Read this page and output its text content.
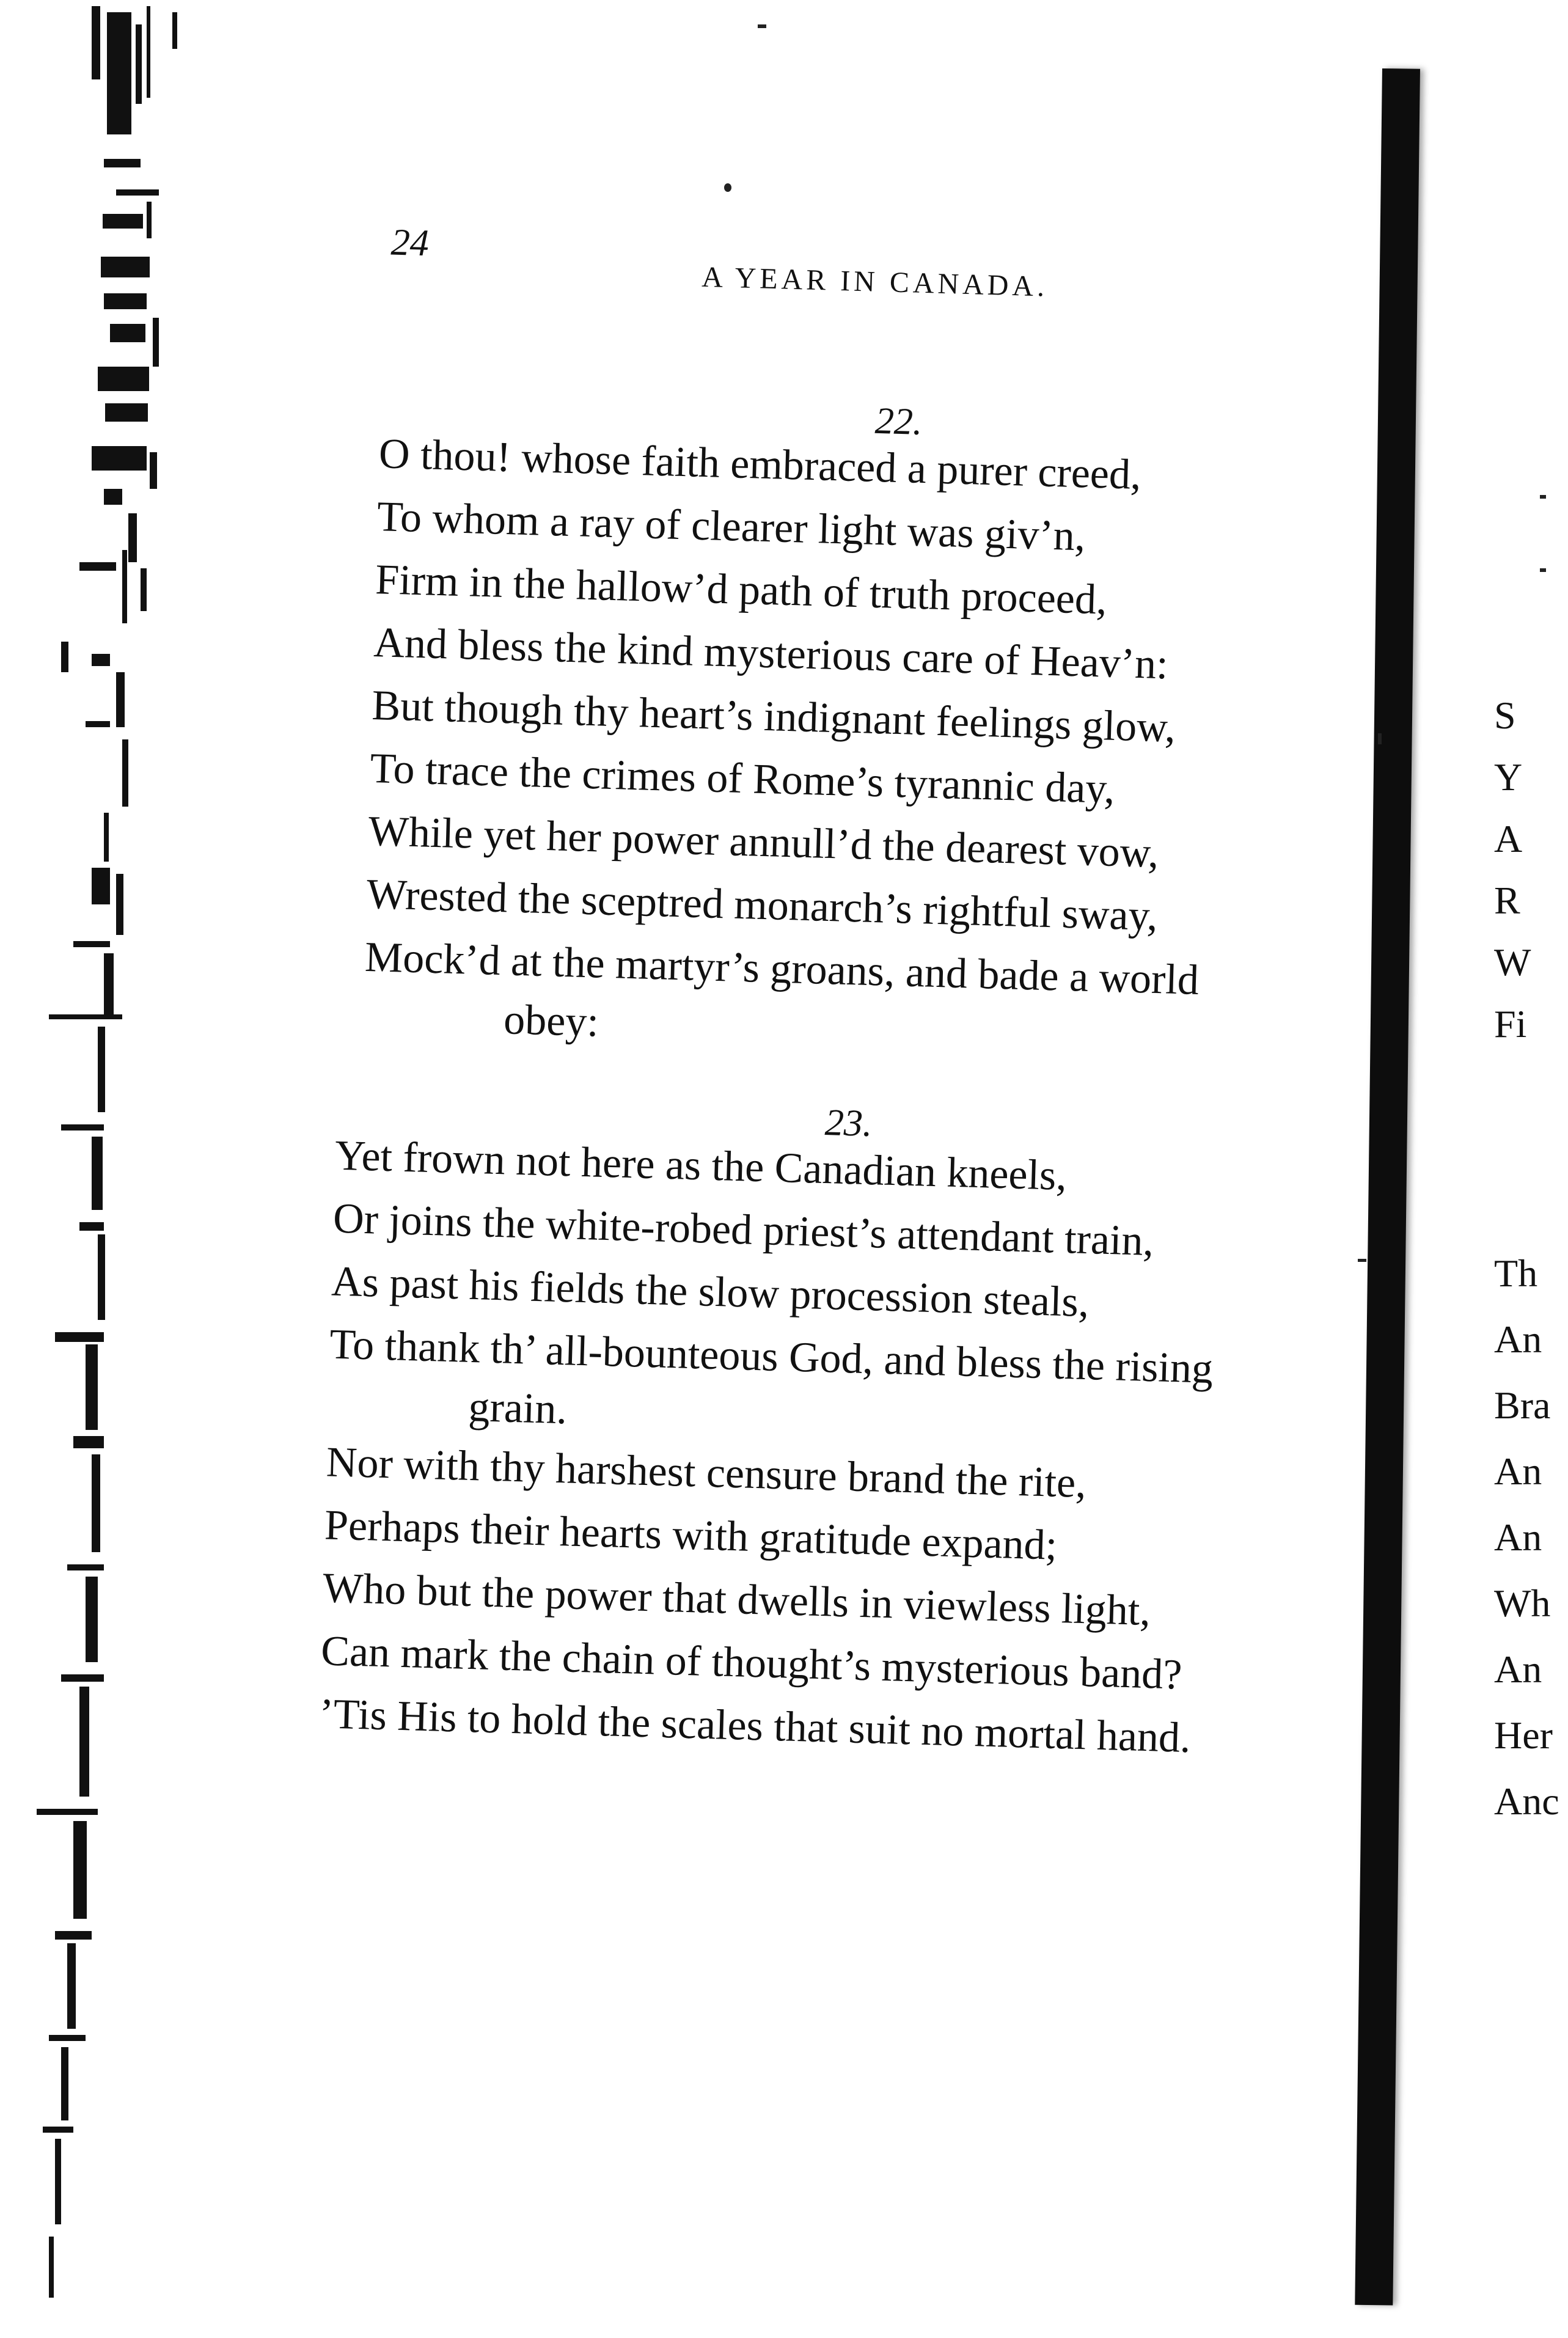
24
A YEAR IN CANADA.
22.
O thou! whose faith embraced a purer creed,
To whom a ray of clearer light was giv’n,
Firm in the hallow’d path of truth proceed,
And bless the kind mysterious care of Heav’n:
But though thy heart’s indignant feelings glow,
To trace the crimes of Rome’s tyrannic day,
While yet her power annull’d the dearest vow,
Wrested the sceptred monarch’s rightful sway,
Mock’d at the martyr’s groans, and bade a world
obey:
23.
Yet frown not here as the Canadian kneels,
Or joins the white-robed priest’s attendant train,
As past his fields the slow procession steals,
To thank th’ all-bounteous God, and bless the rising
grain.
Nor with thy harshest censure brand the rite,
Perhaps their hearts with gratitude expand;
Who but the power that dwells in viewless light,
Can mark the chain of thought’s mysterious band?
’Tis His to hold the scales that suit no mortal hand.
S
Y
A
R
W
Fi
Th
An
Bra
An
An
Wh
An
Her
Anc
